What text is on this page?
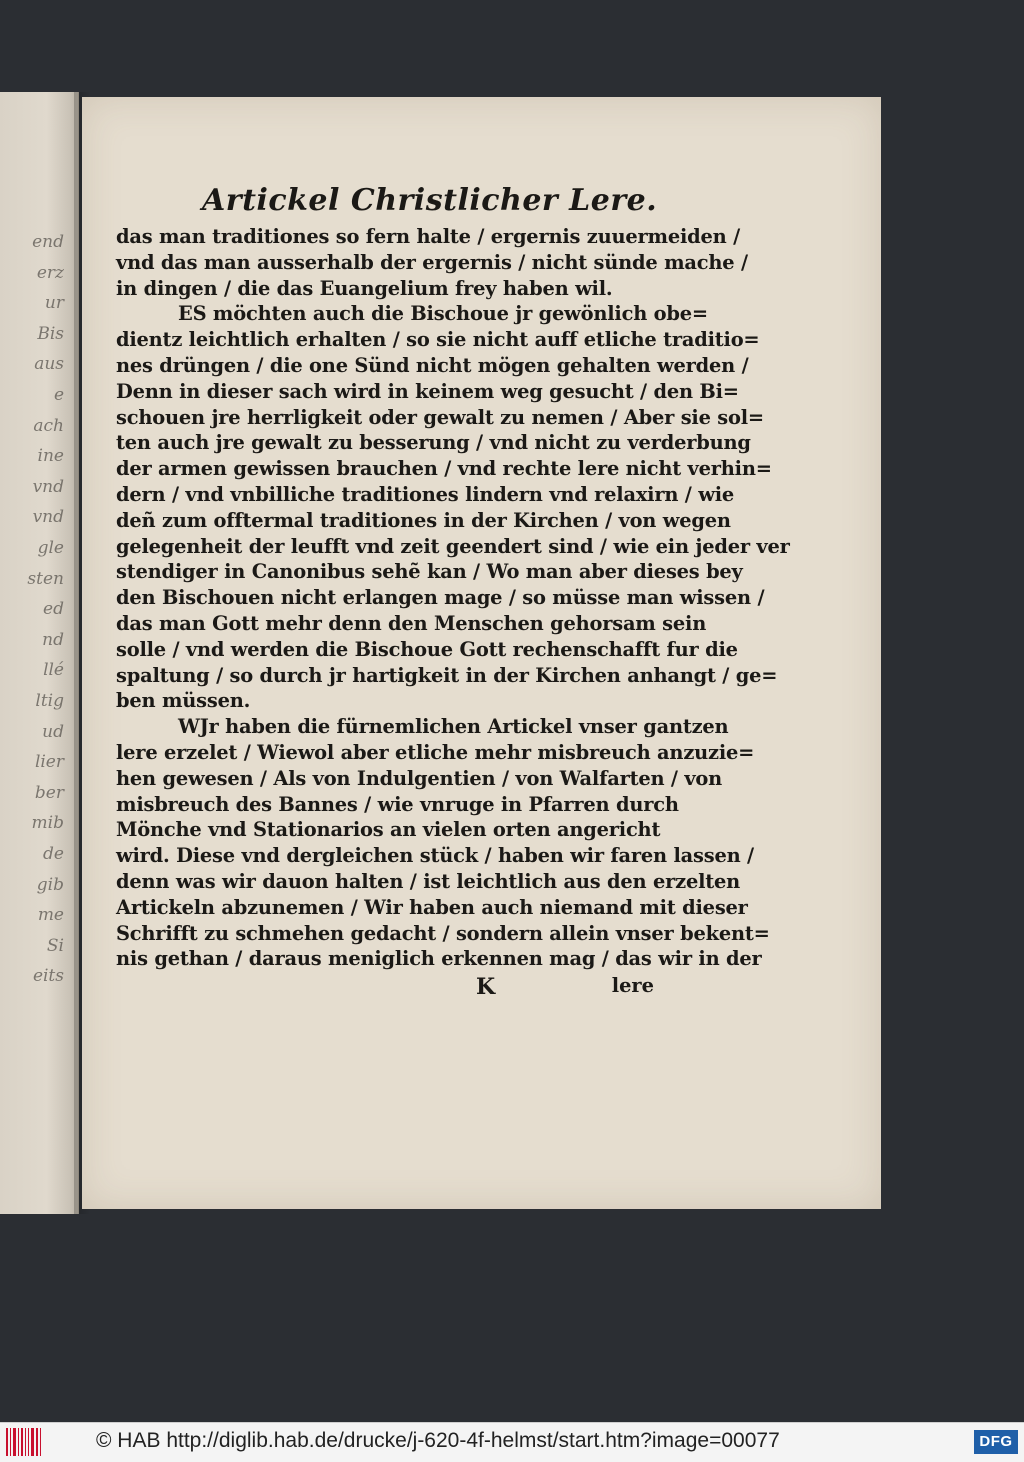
end
erz
ur
Bis
aus
e
ach
ine
vnd
vnd
gle
sten
ed
nd
llé
ltig
ud
lier
ber
mib
de
gib
me
Si
eits
Artickel Christlicher Lere.
das man traditiones so fern halte / ergernis zuuermeiden /
vnd das man ausserhalb der ergernis / nicht sünde mache /
in dingen / die das Euangelium frey haben wil.
ES möchten auch die Bischoue jr gewönlich obe=
dientz leichtlich erhalten / so sie nicht auff etliche traditio=
nes drüngen / die one Sünd nicht mögen gehalten werden /
Denn in dieser sach wird in keinem weg gesucht / den Bi=
schouen jre herrligkeit oder gewalt zu nemen / Aber sie sol=
ten auch jre gewalt zu besserung / vnd nicht zu verderbung
der armen gewissen brauchen / vnd rechte lere nicht verhin=
dern / vnd vnbilliche traditiones lindern vnd relaxirn / wie
deñ zum offtermal traditiones in der Kirchen / von wegen
gelegenheit der leufft vnd zeit geendert sind / wie ein jeder ver
stendiger in Canonibus sehẽ kan / Wo man aber dieses bey
den Bischouen nicht erlangen mage / so müsse man wissen /
das man Gott mehr denn den Menschen gehorsam sein
solle / vnd werden die Bischoue Gott rechenschafft fur die
spaltung / so durch jr hartigkeit in der Kirchen anhangt / ge=
ben müssen.
WJr haben die fürnemlichen Artickel vnser gantzen
lere erzelet / Wiewol aber etliche mehr misbreuch anzuzie=
hen gewesen / Als von Indulgentien / von Walfarten / von
misbreuch des Bannes / wie vnruge in Pfarren durch
Mönche vnd Stationarios an vielen orten angericht
wird. Diese vnd dergleichen stück / haben wir faren lassen /
denn was wir dauon halten / ist leichtlich aus den erzelten
Artickeln abzunemen / Wir haben auch niemand mit dieser
Schrifft zu schmehen gedacht / sondern allein vnser bekent=
nis gethan / daraus meniglich erkennen mag / das wir in der
K	lere
© HAB http://diglib.hab.de/drucke/j-620-4f-helmst/start.htm?image=00077	DFG
